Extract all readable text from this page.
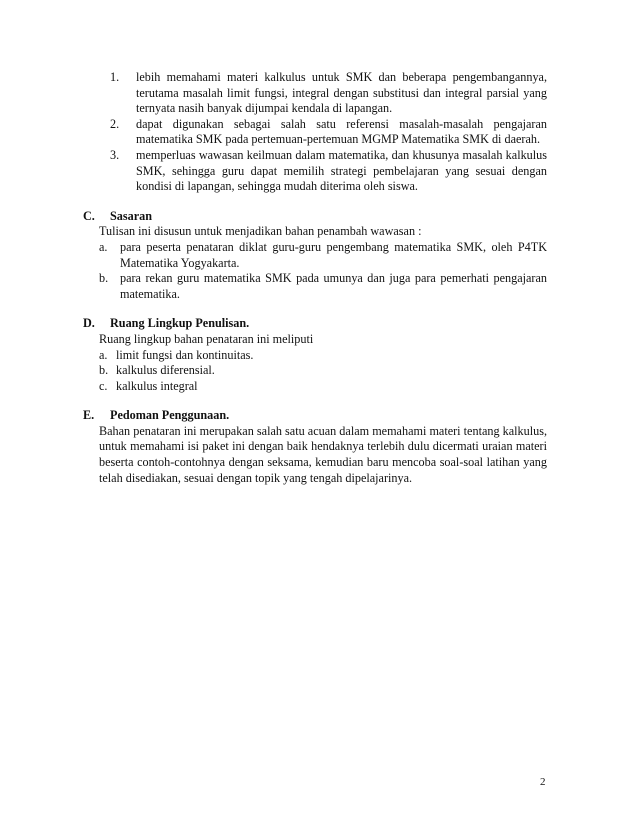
1. lebih memahami materi kalkulus untuk SMK dan beberapa pengembangannya, terutama masalah limit fungsi, integral dengan substitusi dan integral parsial yang ternyata nasih banyak dijumpai kendala di lapangan.
2. dapat digunakan sebagai salah satu referensi masalah-masalah pengajaran matematika SMK pada pertemuan-pertemuan MGMP Matematika SMK di daerah.
3. memperluas wawasan keilmuan dalam matematika, dan khusunya masalah kalkulus SMK, sehingga guru dapat memilih strategi pembelajaran yang sesuai dengan kondisi di lapangan, sehingga mudah diterima oleh siswa.
C. Sasaran

Tulisan ini disusun untuk menjadikan bahan penambah wawasan :

a. para peserta penataran diklat guru-guru pengembang matematika SMK, oleh P4TK Matematika Yogyakarta.
b. para rekan guru matematika SMK pada umunya dan juga para pemerhati pengajaran matematika.
D. Ruang Lingkup Penulisan.

Ruang lingkup bahan penataran ini meliputi

a. limit fungsi dan kontinuitas.
b. kalkulus diferensial.
c. kalkulus integral
E. Pedoman Penggunaan.

Bahan penataran ini merupakan salah satu acuan dalam memahami materi tentang kalkulus, untuk memahami isi paket ini dengan baik hendaknya terlebih dulu dicermati uraian materi beserta contoh-contohnya dengan seksama, kemudian baru mencoba soal-soal latihan yang telah disediakan, sesuai dengan topik yang tengah dipelajarinya.

2
